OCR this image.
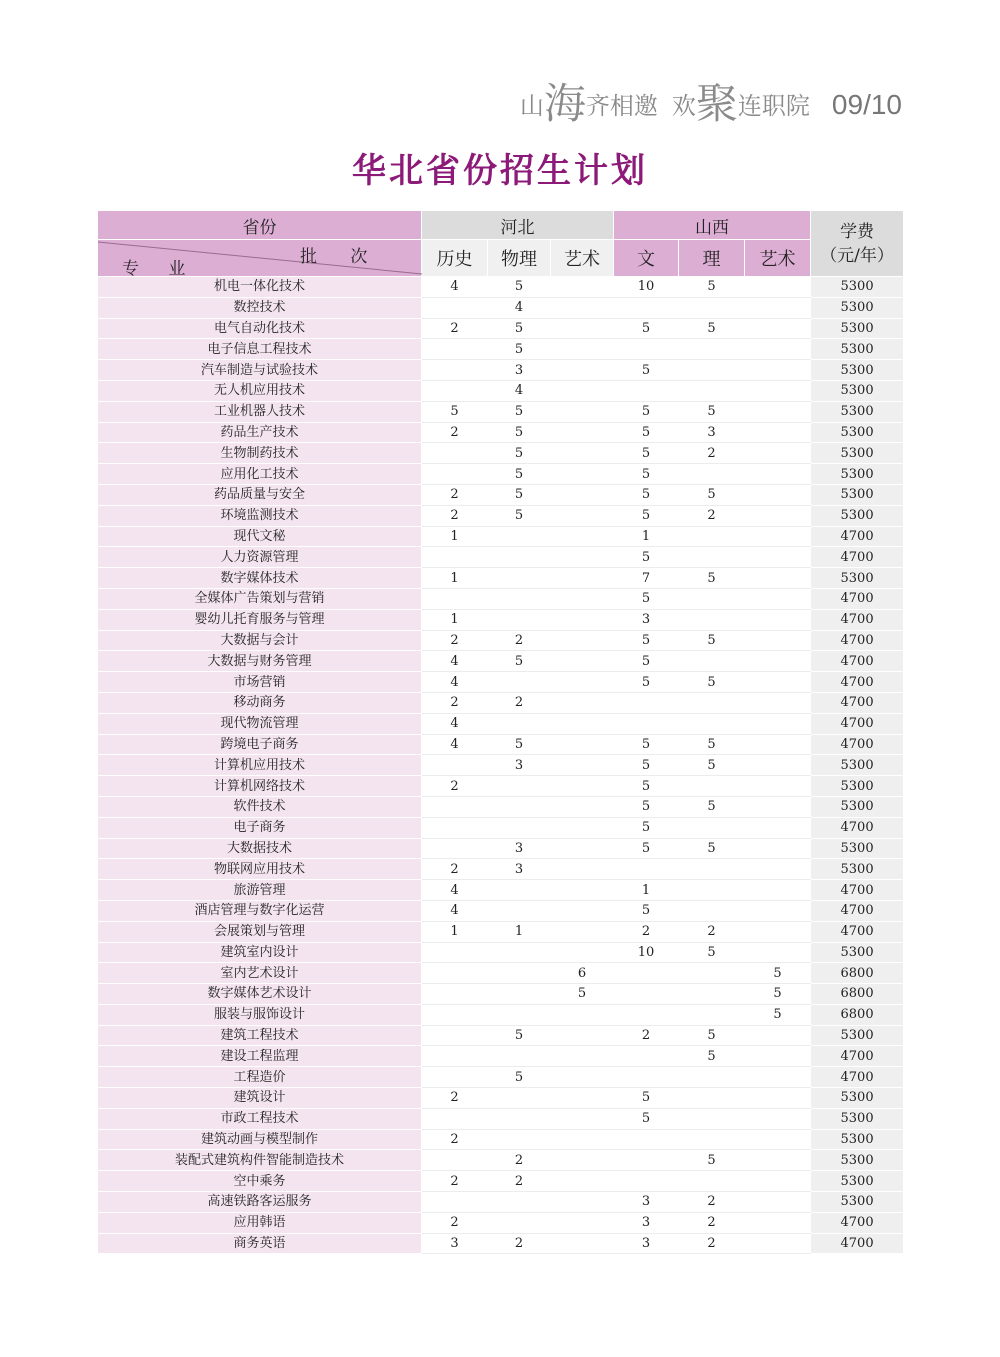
山海齐相邀 欢聚连职院 09/10
华北省份招生计划
省份	河北			山西			学费
（元/年）

批 次
专 业	历史	物理	艺术	文	理	艺术	
机电一体化技术	4	5		10	5		5300
数控技术		4					5300
电气自动化技术	2	5		5	5		5300
电子信息工程技术		5					5300
汽车制造与试验技术		3		5			5300
无人机应用技术		4					5300
工业机器人技术	5	5		5	5		5300
药品生产技术	2	5		5	3		5300
生物制药技术		5		5	2		5300
应用化工技术		5		5			5300
药品质量与安全	2	5		5	5		5300
环境监测技术	2	5		5	2		5300
现代文秘	1			1			4700
人力资源管理				5			4700
数字媒体技术	1			7	5		5300
全媒体广告策划与营销				5			4700
婴幼儿托育服务与管理	1			3			4700
大数据与会计	2	2		5	5		4700
大数据与财务管理	4	5		5			4700
市场营销	4			5	5		4700
移动商务	2	2					4700
现代物流管理	4						4700
跨境电子商务	4	5		5	5		4700
计算机应用技术		3		5	5		5300
计算机网络技术	2			5			5300
软件技术				5	5		5300
电子商务				5			4700
大数据技术		3		5	5		5300
物联网应用技术	2	3					5300
旅游管理	4			1			4700
酒店管理与数字化运营	4			5			4700
会展策划与管理	1	1		2	2		4700
建筑室内设计				10	5		5300
室内艺术设计			6			5	6800
数字媒体艺术设计			5			5	6800
服装与服饰设计						5	6800
建筑工程技术		5		2	5		5300
建设工程监理					5		4700
工程造价		5					4700
建筑设计	2			5			5300
市政工程技术				5			5300
建筑动画与模型制作	2						5300
装配式建筑构件智能制造技术		2			5		5300
空中乘务	2	2					5300
高速铁路客运服务				3	2		5300
应用韩语	2			3	2		4700
商务英语	3	2		3	2		4700
